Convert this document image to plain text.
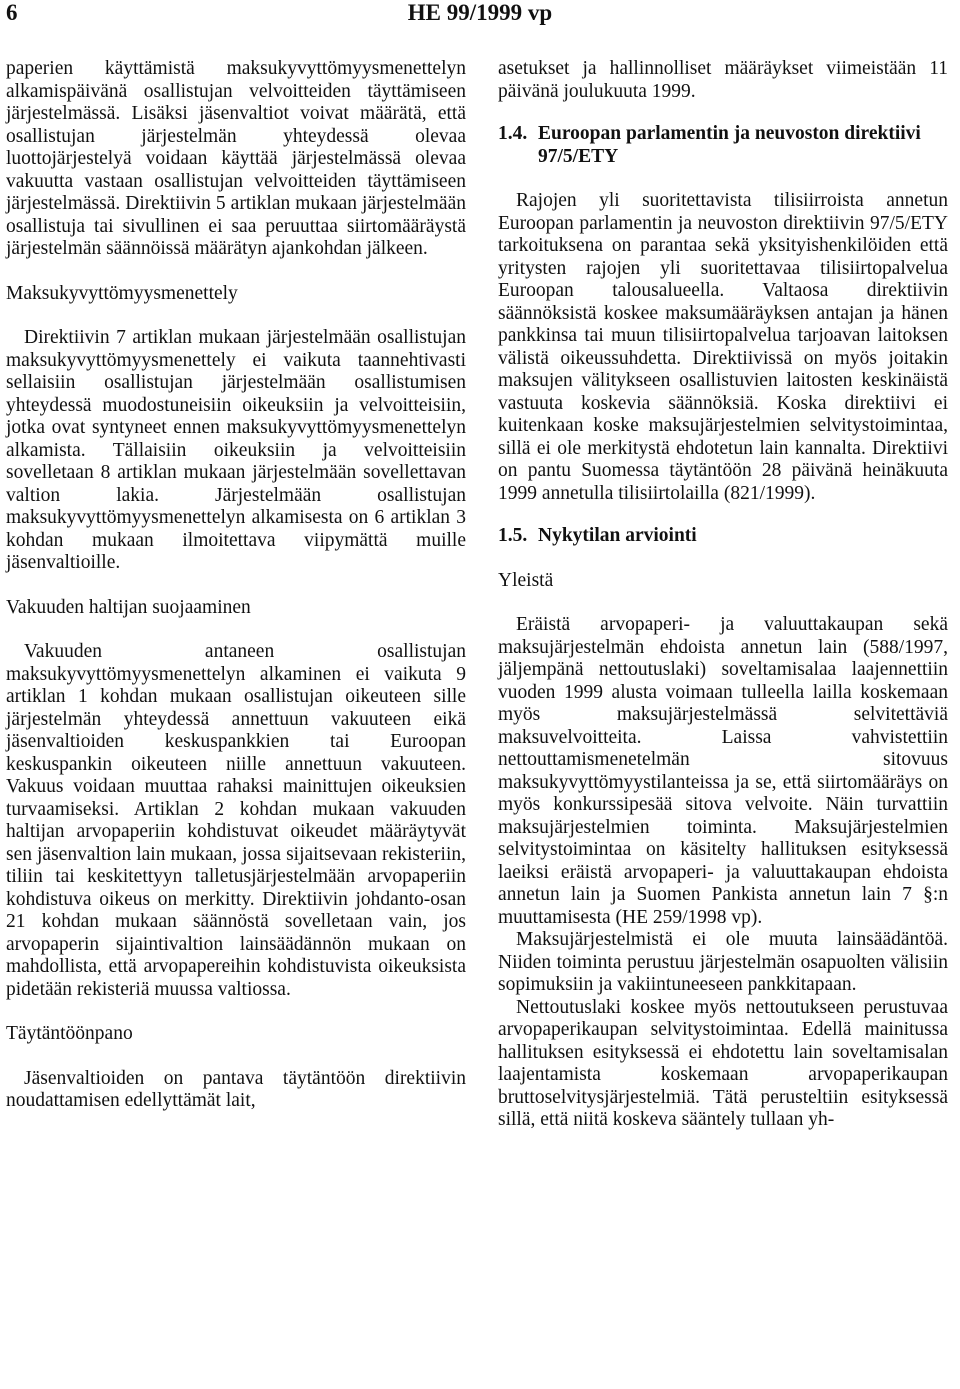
6	HE 99/1999 vp

paperien käyttämistä maksukyvyttömyysmenettelyn alkamispäivänä osallistujan velvoitteiden täyttämiseen järjestelmässä. Lisäksi jäsenvaltiot voivat määrätä, että osallistujan järjestelmän yhteydessä olevaa luottojärjestelyä voidaan käyttää järjestelmässä olevaa vakuutta vastaan osallistujan velvoitteiden täyttämiseen järjestelmässä. Direktiivin 5 artiklan mukaan järjestelmään osallistuja tai sivullinen ei saa peruuttaa siirtomääräystä järjestelmän säännöissä määrätyn ajankohdan jälkeen.

Maksukyvyttömyysmenettely

Direktiivin 7 artiklan mukaan järjestelmään osallistujan maksukyvyttömyysmenettely ei vaikuta taannehtivasti sellaisiin osallistujan järjestelmään osallistumisen yhteydessä muodostuneisiin oikeuksiin ja velvoitteisiin, jotka ovat syntyneet ennen maksukyvyttömyysmenettelyn alkamista. Tällaisiin oikeuksiin ja velvoitteisiin sovelletaan 8 artiklan mukaan järjestelmään sovellettavan valtion lakia. Järjestelmään osallistujan maksukyvyttömyysmenettelyn alkamisesta on 6 artiklan 3 kohdan mukaan ilmoitettava viipymättä muille jäsenvaltioille.

Vakuuden haltijan suojaaminen

Vakuuden antaneen osallistujan maksukyvyttömyysmenettelyn alkaminen ei vaikuta 9 artiklan 1 kohdan mukaan osallistujan oikeuteen sille järjestelmän yhteydessä annettuun vakuuteen eikä jäsenvaltioiden keskuspankkien tai Euroopan keskuspankin oikeuteen niille annettuun vakuuteen. Vakuus voidaan muuttaa rahaksi mainittujen oikeuksien turvaamiseksi. Artiklan 2 kohdan mukaan vakuuden haltijan arvopaperiin kohdistuvat oikeudet määräytyvät sen jäsenvaltion lain mukaan, jossa sijaitsevaan rekisteriin, tiliin tai keskitettyyn talletusjärjestelmään arvopaperiin kohdistuva oikeus on merkitty. Direktiivin johdanto-osan 21 kohdan mukaan säännöstä sovelletaan vain, jos arvopaperin sijaintivaltion lainsäädännön mukaan on mahdollista, että arvopapereihin kohdistuvista oikeuksista pidetään rekisteriä muussa valtiossa.

Täytäntöönpano

Jäsenvaltioiden on pantava täytäntöön direktiivin noudattamisen edellyttämät lait,

asetukset ja hallinnolliset määräykset viimeistään 11 päivänä joulukuuta 1999.

1.4. Euroopan parlamentin ja neuvoston direktiivi 97/5/ETY

Rajojen yli suoritettavista tilisiirroista annetun Euroopan parlamentin ja neuvoston direktiivin 97/5/ETY tarkoituksena on parantaa sekä yksityishenkilöiden että yritysten rajojen yli suoritettavaa tilisiirtopalvelua Euroopan talousalueella. Valtaosa direktiivin säännöksistä koskee maksumääräyksen antajan ja hänen pankkinsa tai muun tilisiirtopalvelua tarjoavan laitoksen välistä oikeussuhdetta. Direktiivissä on myös joitakin maksujen välitykseen osallistuvien laitosten keskinäistä vastuuta koskevia säännöksiä. Koska direktiivi ei kuitenkaan koske maksujärjestelmien selvitystoimintaa, sillä ei ole merkitystä ehdotetun lain kannalta. Direktiivi on pantu Suomessa täytäntöön 28 päivänä heinäkuuta 1999 annetulla tilisiirtolailla (821/1999).

1.5. Nykytilan arviointi

Yleistä

Eräistä arvopaperi- ja valuuttakaupan sekä maksujärjestelmän ehdoista annetun lain (588/1997, jäljempänä nettoutuslaki) soveltamisalaa laajennettiin vuoden 1999 alusta voimaan tulleella lailla koskemaan myös maksujärjestelmässä selvitettäviä maksuvelvoitteita. Laissa vahvistettiin nettouttamismenetelmän sitovuus maksukyvyttömyystilanteissa ja se, että siirtomääräys on myös konkurssipesää sitova velvoite. Näin turvattiin maksujärjestelmien toiminta. Maksujärjestelmien selvitystoimintaa on käsitelty hallituksen esityksessä laeiksi eräistä arvopaperi- ja valuuttakaupan ehdoista annetun lain ja Suomen Pankista annetun lain 7 §:n muuttamisesta (HE 259/1998 vp).

Maksujärjestelmistä ei ole muuta lainsäädäntöä. Niiden toiminta perustuu järjestelmän osapuolten välisiin sopimuksiin ja vakiintuneeseen pankkitapaan.

Nettoutuslaki koskee myös nettoutukseen perustuvaa arvopaperikaupan selvitystoimintaa. Edellä mainitussa hallituksen esityksessä ei ehdotettu lain soveltamisalan laajentamista koskemaan arvopaperikaupan bruttoselvitysjärjestelmiä. Tätä perusteltiin esityksessä sillä, että niitä koskeva sääntely tullaan yh-
